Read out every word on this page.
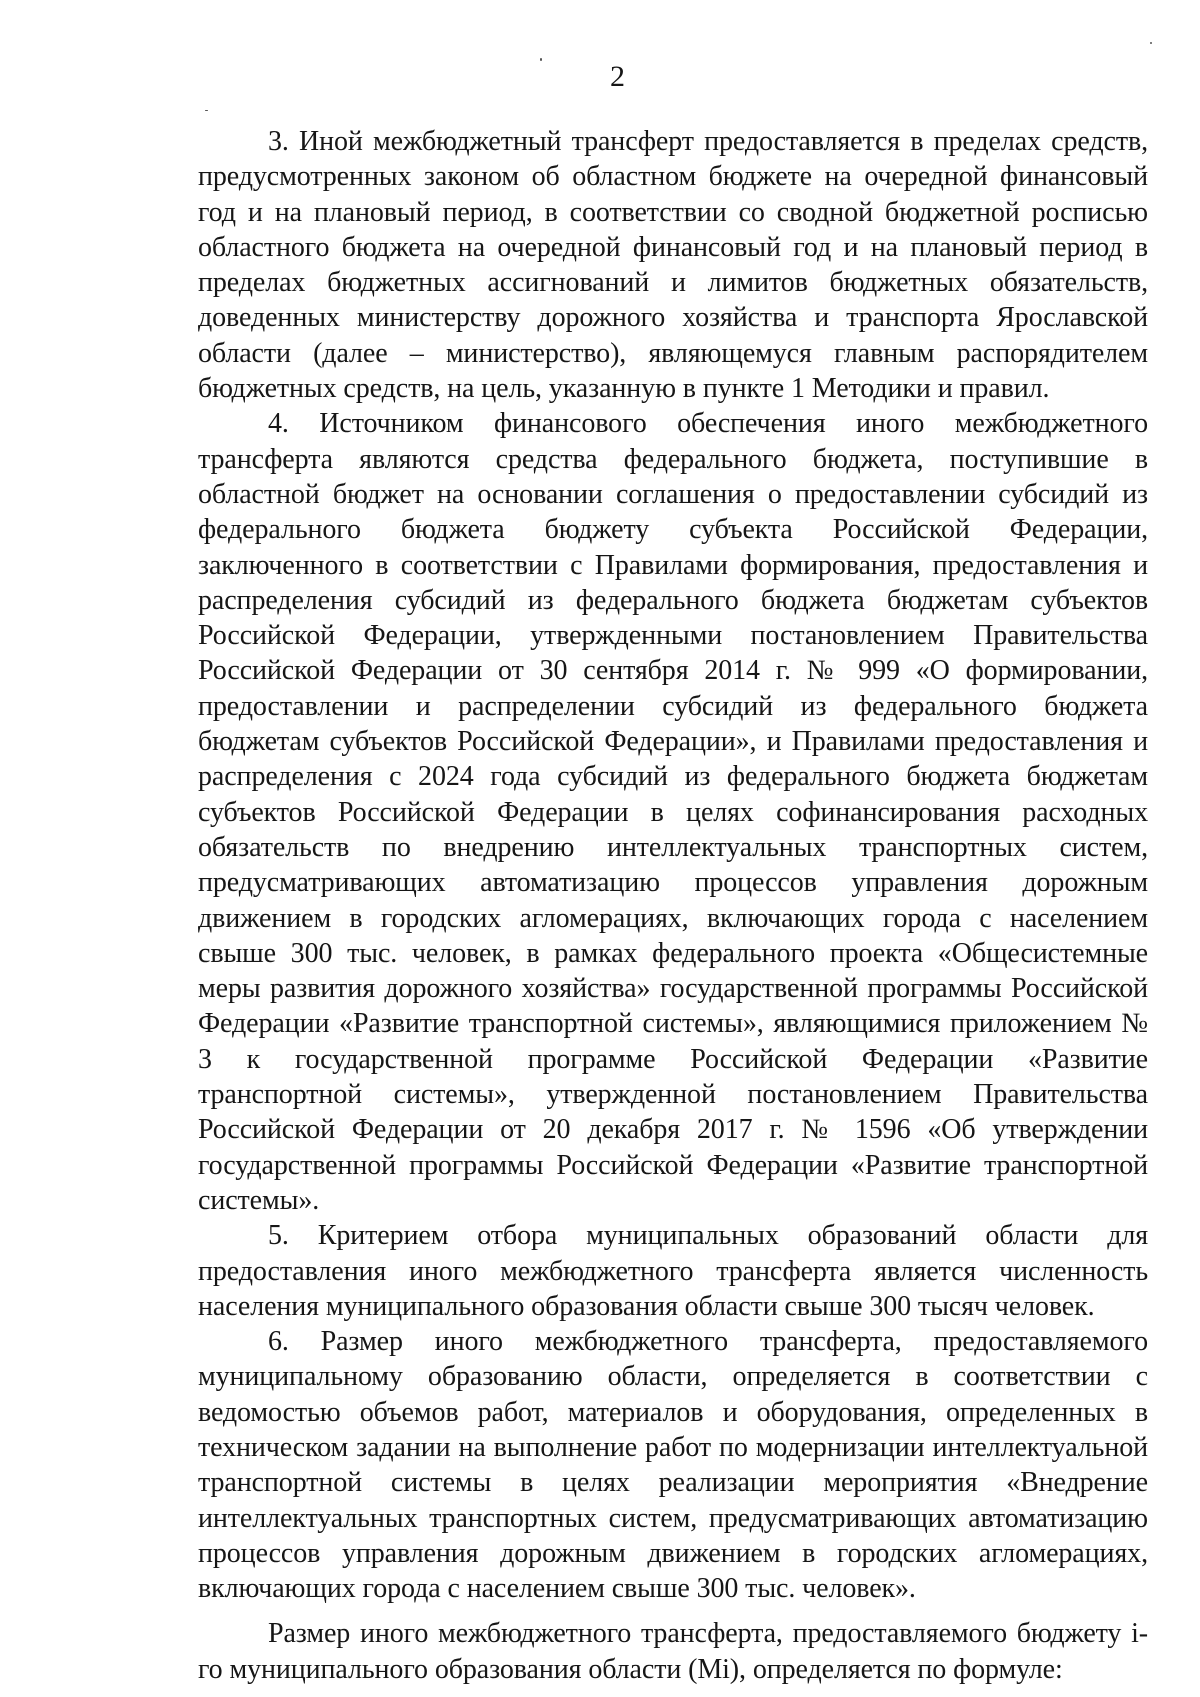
2

3. Иной межбюджетный трансферт предоставляется в пределах средств, предусмотренных законом об областном бюджете на очередной финансовый год и на плановый период, в соответствии со сводной бюджетной росписью областного бюджета на очередной финансовый год и на плановый период в пределах бюджетных ассигнований и лимитов бюджетных обязательств, доведенных министерству дорожного хозяйства и транспорта Ярославской области (далее – министерство), являющемуся главным распорядителем бюджетных средств, на цель, указанную в пункте 1 Методики и правил.

4. Источником финансового обеспечения иного межбюджетного трансферта являются средства федерального бюджета, поступившие в областной бюджет на основании соглашения о предоставлении субсидий из федерального бюджета бюджету субъекта Российской Федерации, заключенного в соответствии с Правилами формирования, предоставления и распределения субсидий из федерального бюджета бюджетам субъектов Российской Федерации, утвержденными постановлением Правительства Российской Федерации от 30 сентября 2014 г. № 999 «О формировании, предоставлении и распределении субсидий из федерального бюджета бюджетам субъектов Российской Федерации», и Правилами предоставления и распределения с 2024 года субсидий из федерального бюджета бюджетам субъектов Российской Федерации в целях софинансирования расходных обязательств по внедрению интеллектуальных транспортных систем, предусматривающих автоматизацию процессов управления дорожным движением в городских агломерациях, включающих города с населением свыше 300 тыс. человек, в рамках федерального проекта «Общесистемные меры развития дорожного хозяйства» государственной программы Российской Федерации «Развитие транспортной системы», являющимися приложением № 3 к государственной программе Российской Федерации «Развитие транспортной системы», утвержденной постановлением Правительства Российской Федерации от 20 декабря 2017 г. № 1596 «Об утверждении государственной программы Российской Федерации «Развитие транспортной системы».

5. Критерием отбора муниципальных образований области для предоставления иного межбюджетного трансферта является численность населения муниципального образования области свыше 300 тысяч человек.

6. Размер иного межбюджетного трансферта, предоставляемого муниципальному образованию области, определяется в соответствии с ведомостью объемов работ, материалов и оборудования, определенных в техническом задании на выполнение работ по модернизации интеллектуальной транспортной системы в целях реализации мероприятия «Внедрение интеллектуальных транспортных систем, предусматривающих автоматизацию процессов управления дорожным движением в городских агломерациях, включающих города с населением свыше 300 тыс. человек».

Размер иного межбюджетного трансферта, предоставляемого бюджету i-го муниципального образования области (Mi), определяется по формуле:
